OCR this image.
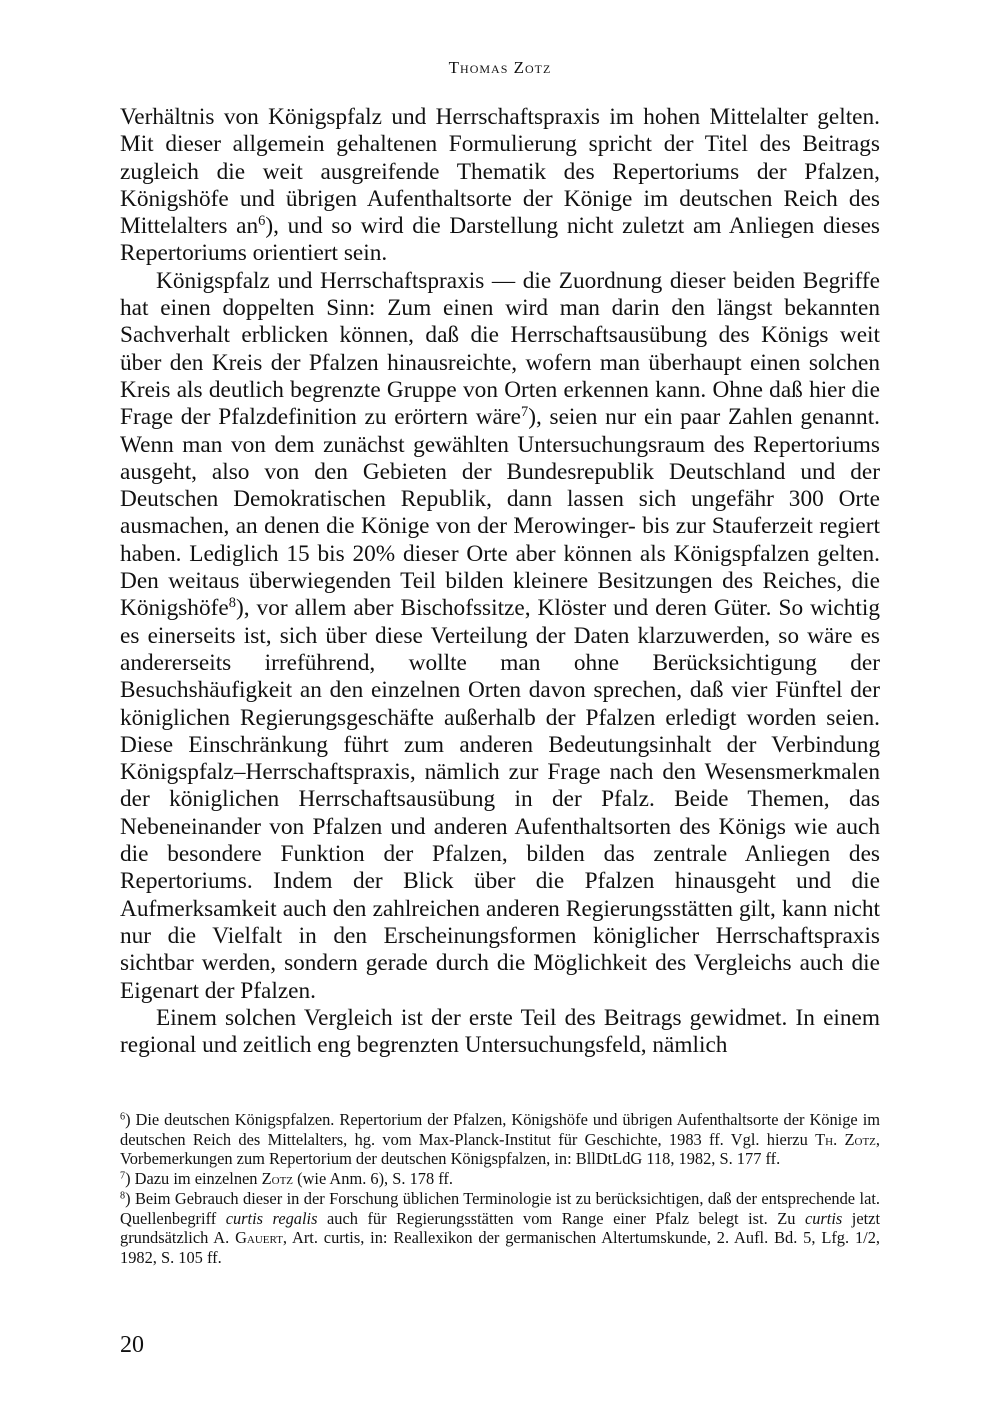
Thomas Zotz

Verhältnis von Königspfalz und Herrschaftspraxis im hohen Mittelalter gelten. Mit dieser allgemein gehaltenen Formulierung spricht der Titel des Beitrags zugleich die weit ausgreifende Thematik des Repertoriums der Pfalzen, Königshöfe und übrigen Aufenthaltsorte der Könige im deutschen Reich des Mittelalters $an^6$), und so wird die Darstellung nicht zuletzt am Anliegen dieses Repertoriums orientiert sein.

Königspfalz und Herrschaftspraxis — die Zuordnung dieser beiden Begriffe hat einen doppelten Sinn: Zum einen wird man darin den längst bekannten Sachverhalt erblicken können, daß die Herrschaftsausübung des Königs weit über den Kreis der Pfalzen hinausreichte, wofern man überhaupt einen solchen Kreis als deutlich begrenzte Gruppe von Orten erkennen kann. Ohne daß hier die Frage der Pfalzdefinition zu erörtern wäre$^7$), seien nur ein paar Zahlen genannt. Wenn man von dem zunächst gewählten Untersuchungsraum des Repertoriums ausgeht, also von den Gebieten der Bundesrepublik Deutschland und der Deutschen Demokratischen Republik, dann lassen sich ungefähr 300 Orte ausmachen, an denen die Könige von der Merowinger- bis zur Stauferzeit regiert haben. Lediglich 15 bis 20% dieser Orte aber können als Königspfalzen gelten. Den weitaus überwiegenden Teil bilden kleinere Besitzungen des Reiches, die Königshöfe$^8$), vor allem aber Bischofssitze, Klöster und deren Güter. So wichtig es einerseits ist, sich über diese Verteilung der Daten klarzuwerden, so wäre es andererseits irreführend, wollte man ohne Berücksichtigung der Besuchshäufigkeit an den einzelnen Orten davon sprechen, daß vier Fünftel der königlichen Regierungsgeschäfte außerhalb der Pfalzen erledigt worden seien. Diese Einschränkung führt zum anderen Bedeutungsinhalt der Verbindung Königspfalz–Herrschaftspraxis, nämlich zur Frage nach den Wesensmerkmalen der königlichen Herrschaftsausübung in der Pfalz. Beide Themen, das Nebeneinander von Pfalzen und anderen Aufenthaltsorten des Königs wie auch die besondere Funktion der Pfalzen, bilden das zentrale Anliegen des Repertoriums. Indem der Blick über die Pfalzen hinausgeht und die Aufmerksamkeit auch den zahlreichen anderen Regierungsstätten gilt, kann nicht nur die Vielfalt in den Erscheinungsformen königlicher Herrschaftspraxis sichtbar werden, sondern gerade durch die Möglichkeit des Vergleichs auch die Eigenart der Pfalzen.

Einem solchen Vergleich ist der erste Teil des Beitrags gewidmet. In einem regional und zeitlich eng begrenzten Untersuchungsfeld, nämlich

$^6$) Die deutschen Königspfalzen. Repertorium der Pfalzen, Königshöfe und übrigen Aufenthaltsorte der Könige im deutschen Reich des Mittelalters, hg. vom Max-Planck-Institut für Geschichte, 1983 ff. Vgl. hierzu Th. Zotz, Vorbemerkungen zum Repertorium der deutschen Königspfalzen, in: BllDtLdG 118, 1982, S. 177 ff.

$^7$) Dazu im einzelnen Zotz (wie Anm. 6), S. 178 ff.

$^8$) Beim Gebrauch dieser in der Forschung üblichen Terminologie ist zu berücksichtigen, daß der entsprechende lat. Quellenbegriff curtis regalis auch für Regierungsstätten vom Range einer Pfalz belegt ist. Zu curtis jetzt grundsätzlich A. Gauert, Art. curtis, in: Reallexikon der germanischen Altertumskunde, 2. Aufl. Bd. 5, Lfg. 1/2, 1982, S. 105 ff.

20
